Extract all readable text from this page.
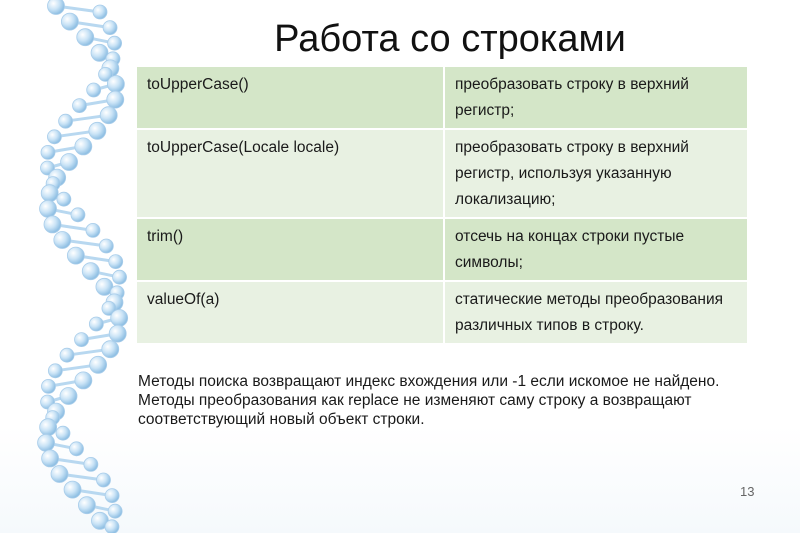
Работа со строками
toUpperCase()	преобразовать строку в верхний регистр;
toUpperCase(Locale locale)	преобразовать строку в верхний регистр, используя указанную локализацию;
trim()	отсечь на концах строки пустые символы;
valueOf(a)	статические методы преобразования различных типов в строку.
Методы поиска возвращают индекс вхождения или -1 если искомое не найдено. Методы преобразования как replace не изменяют саму строку а возвращают соответствующий новый объект строки.
13
